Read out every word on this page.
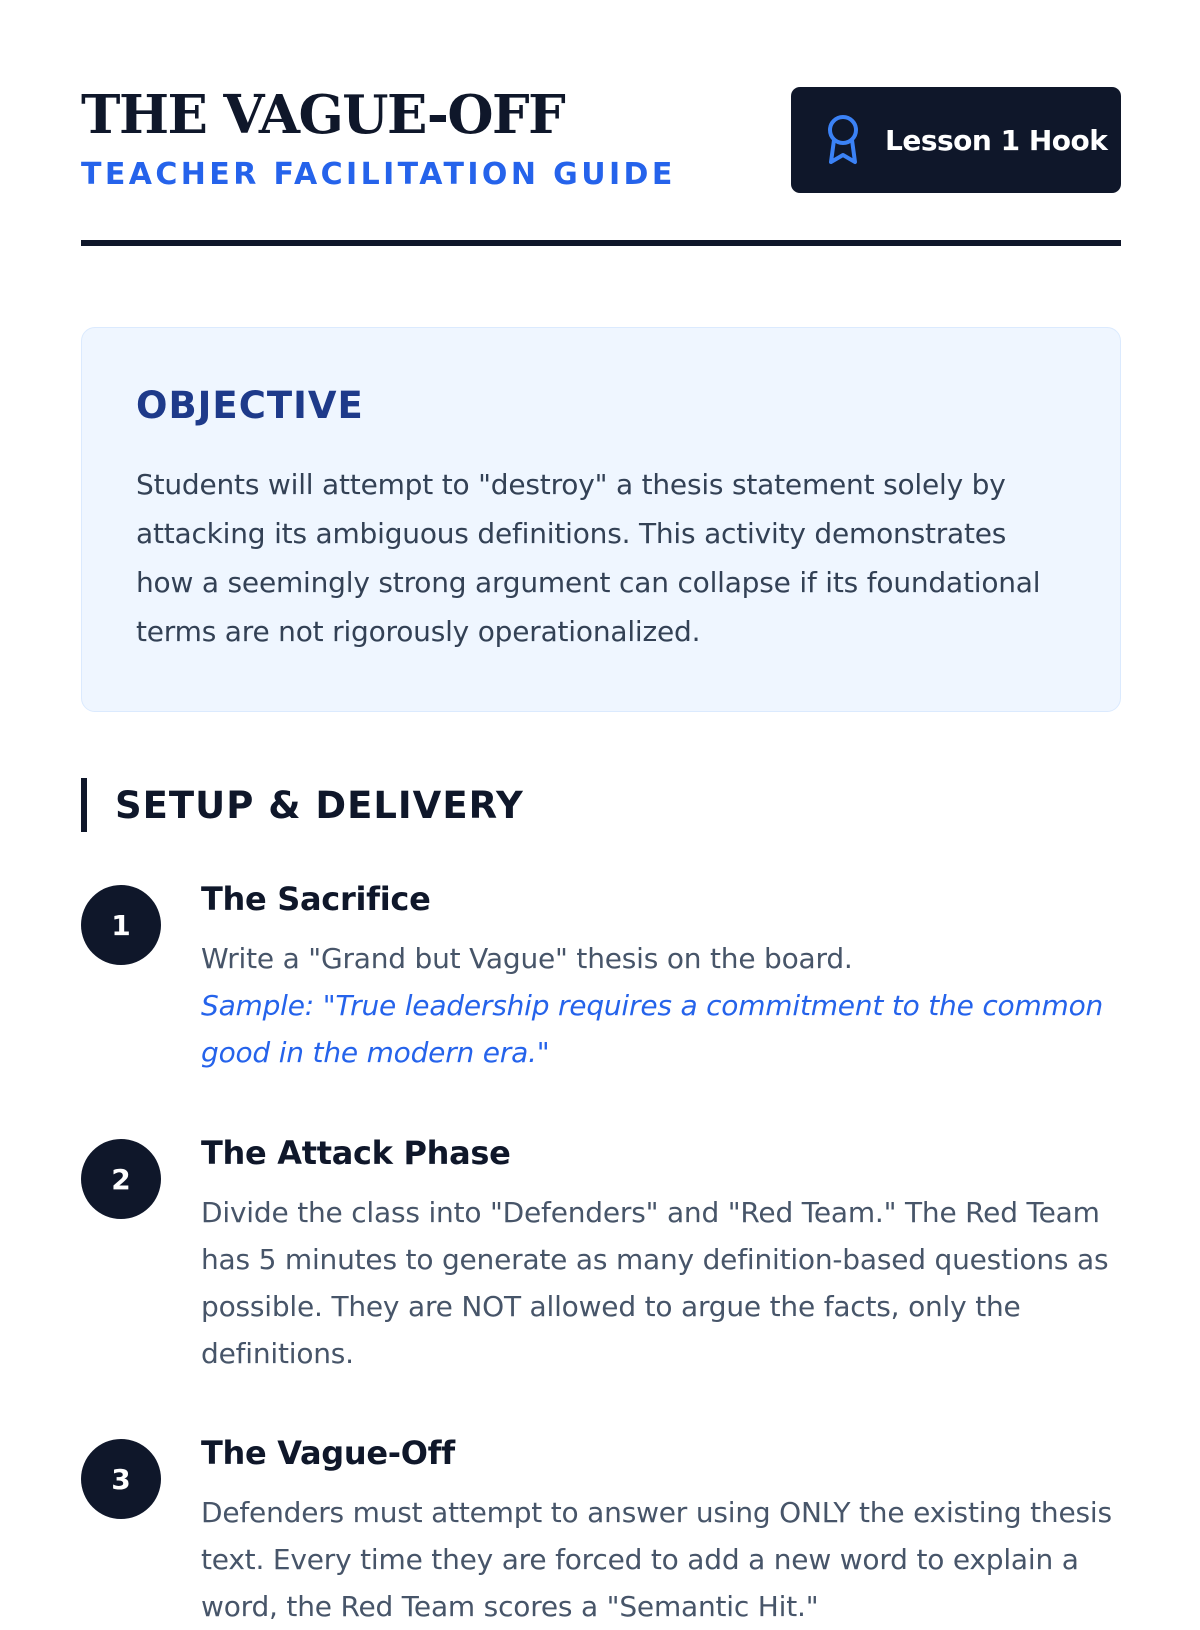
THE VAGUE-OFF
TEACHER FACILITATION GUIDE
Lesson 1 Hook
OBJECTIVE

Students will attempt to "destroy" a thesis statement solely by attacking its ambiguous definitions. This activity demonstrates how a seemingly strong argument can collapse if its foundational terms are not rigorously operationalized.

SETUP & DELIVERY
1
The Sacrifice

Write a "Grand but Vague" thesis on the board.

Sample: "True leadership requires a commitment to the common good in the modern era."

2
The Attack Phase

Divide the class into "Defenders" and "Red Team." The Red Team has 5 minutes to generate as many definition-based questions as possible. They are NOT allowed to argue the facts, only the definitions.

3
The Vague-Off

Defenders must attempt to answer using ONLY the existing thesis text. Every time they are forced to add a new word to explain a word, the Red Team scores a "Semantic Hit."
